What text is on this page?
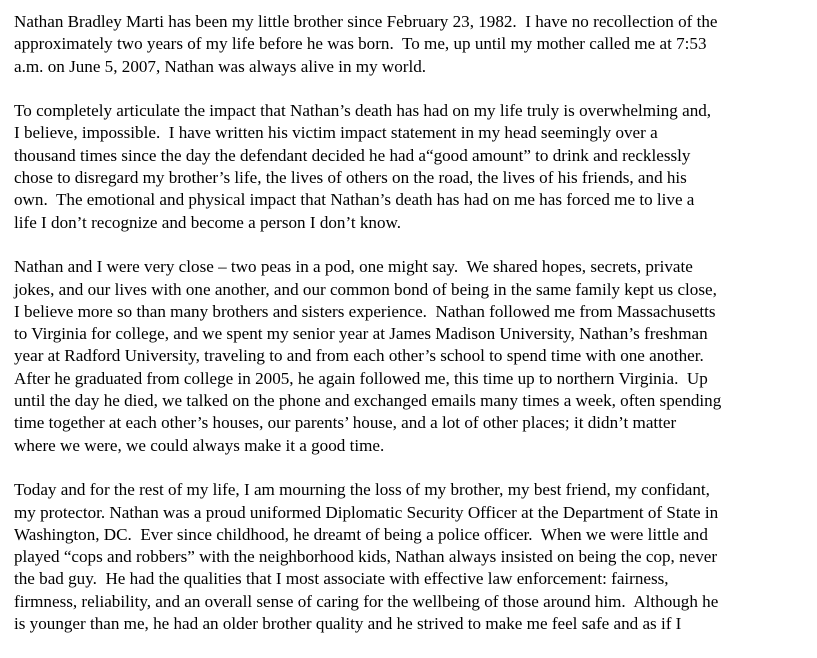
Nathan Bradley Marti has been my little brother since February 23, 1982.  I have no recollection of the
approximately two years of my life before he was born.  To me, up until my mother called me at 7:53
a.m. on June 5, 2007, Nathan was always alive in my world.

To completely articulate the impact that Nathan’s death has had on my life truly is overwhelming and,
I believe, impossible.  I have written his victim impact statement in my head seemingly over a
thousand times since the day the defendant decided he had a“good amount” to drink and recklessly
chose to disregard my brother’s life, the lives of others on the road, the lives of his friends, and his
own.  The emotional and physical impact that Nathan’s death has had on me has forced me to live a
life I don’t recognize and become a person I don’t know.

Nathan and I were very close – two peas in a pod, one might say.  We shared hopes, secrets, private
jokes, and our lives with one another, and our common bond of being in the same family kept us close,
I believe more so than many brothers and sisters experience.  Nathan followed me from Massachusetts
to Virginia for college, and we spent my senior year at James Madison University, Nathan’s freshman
year at Radford University, traveling to and from each other’s school to spend time with one another.
After he graduated from college in 2005, he again followed me, this time up to northern Virginia.  Up
until the day he died, we talked on the phone and exchanged emails many times a week, often spending
time together at each other’s houses, our parents’ house, and a lot of other places; it didn’t matter
where we were, we could always make it a good time.

Today and for the rest of my life, I am mourning the loss of my brother, my best friend, my confidant,
my protector. Nathan was a proud uniformed Diplomatic Security Officer at the Department of State in
Washington, DC.  Ever since childhood, he dreamt of being a police officer.  When we were little and
played “cops and robbers” with the neighborhood kids, Nathan always insisted on being the cop, never
the bad guy.  He had the qualities that I most associate with effective law enforcement: fairness,
firmness, reliability, and an overall sense of caring for the wellbeing of those around him.  Although he
is younger than me, he had an older brother quality and he strived to make me feel safe and as if I
